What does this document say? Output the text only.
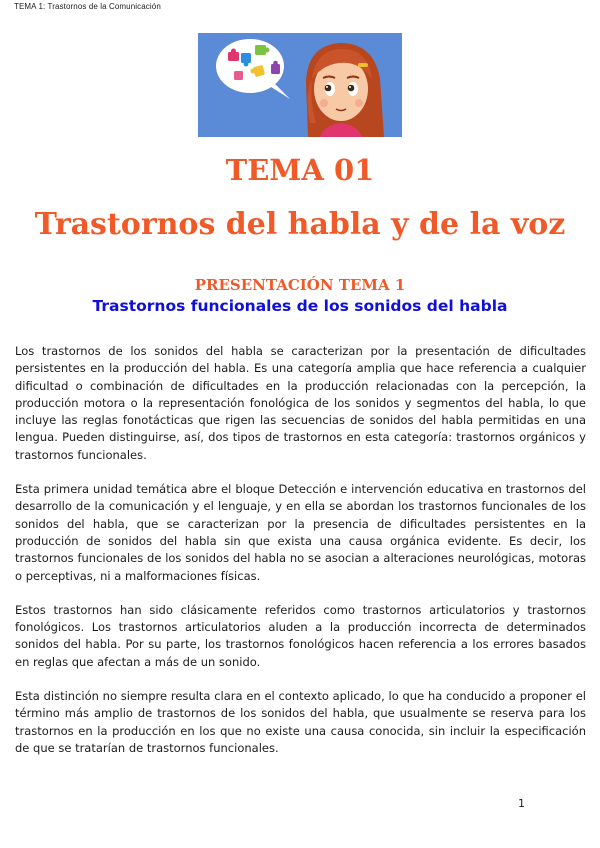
TEMA 1: Trastornos de la Comunicación
TEMA 01
Trastornos del habla y de la voz
PRESENTACIÓN TEMA 1
Trastornos funcionales de los sonidos del habla

Los trastornos de los sonidos del habla se caracterizan por la presentación de dificultades persistentes en la producción del habla. Es una categoría amplia que hace referencia a cualquier dificultad o combinación de dificultades en la producción relacionadas con la percepción, la producción motora o la representación fonológica de los sonidos y segmentos del habla, lo que incluye las reglas fonotácticas que rigen las secuencias de sonidos del habla permitidas en una lengua. Pueden distinguirse, así, dos tipos de trastornos en esta categoría: trastornos orgánicos y trastornos funcionales.

Esta primera unidad temática abre el bloque Detección e intervención educativa en trastornos del desarrollo de la comunicación y el lenguaje, y en ella se abordan los trastornos funcionales de los sonidos del habla, que se caracterizan por la presencia de dificultades persistentes en la producción de sonidos del habla sin que exista una causa orgánica evidente. Es decir, los trastornos funcionales de los sonidos del habla no se asocian a alteraciones neurológicas, motoras o perceptivas, ni a malformaciones físicas.

Estos trastornos han sido clásicamente referidos como trastornos articulatorios y trastornos fonológicos. Los trastornos articulatorios aluden a la producción incorrecta de determinados sonidos del habla. Por su parte, los trastornos fonológicos hacen referencia a los errores basados en reglas que afectan a más de un sonido.

Esta distinción no siempre resulta clara en el contexto aplicado, lo que ha conducido a proponer el término más amplio de trastornos de los sonidos del habla, que usualmente se reserva para los trastornos en la producción en los que no existe una causa conocida, sin incluir la especificación de que se tratarían de trastornos funcionales.

1
